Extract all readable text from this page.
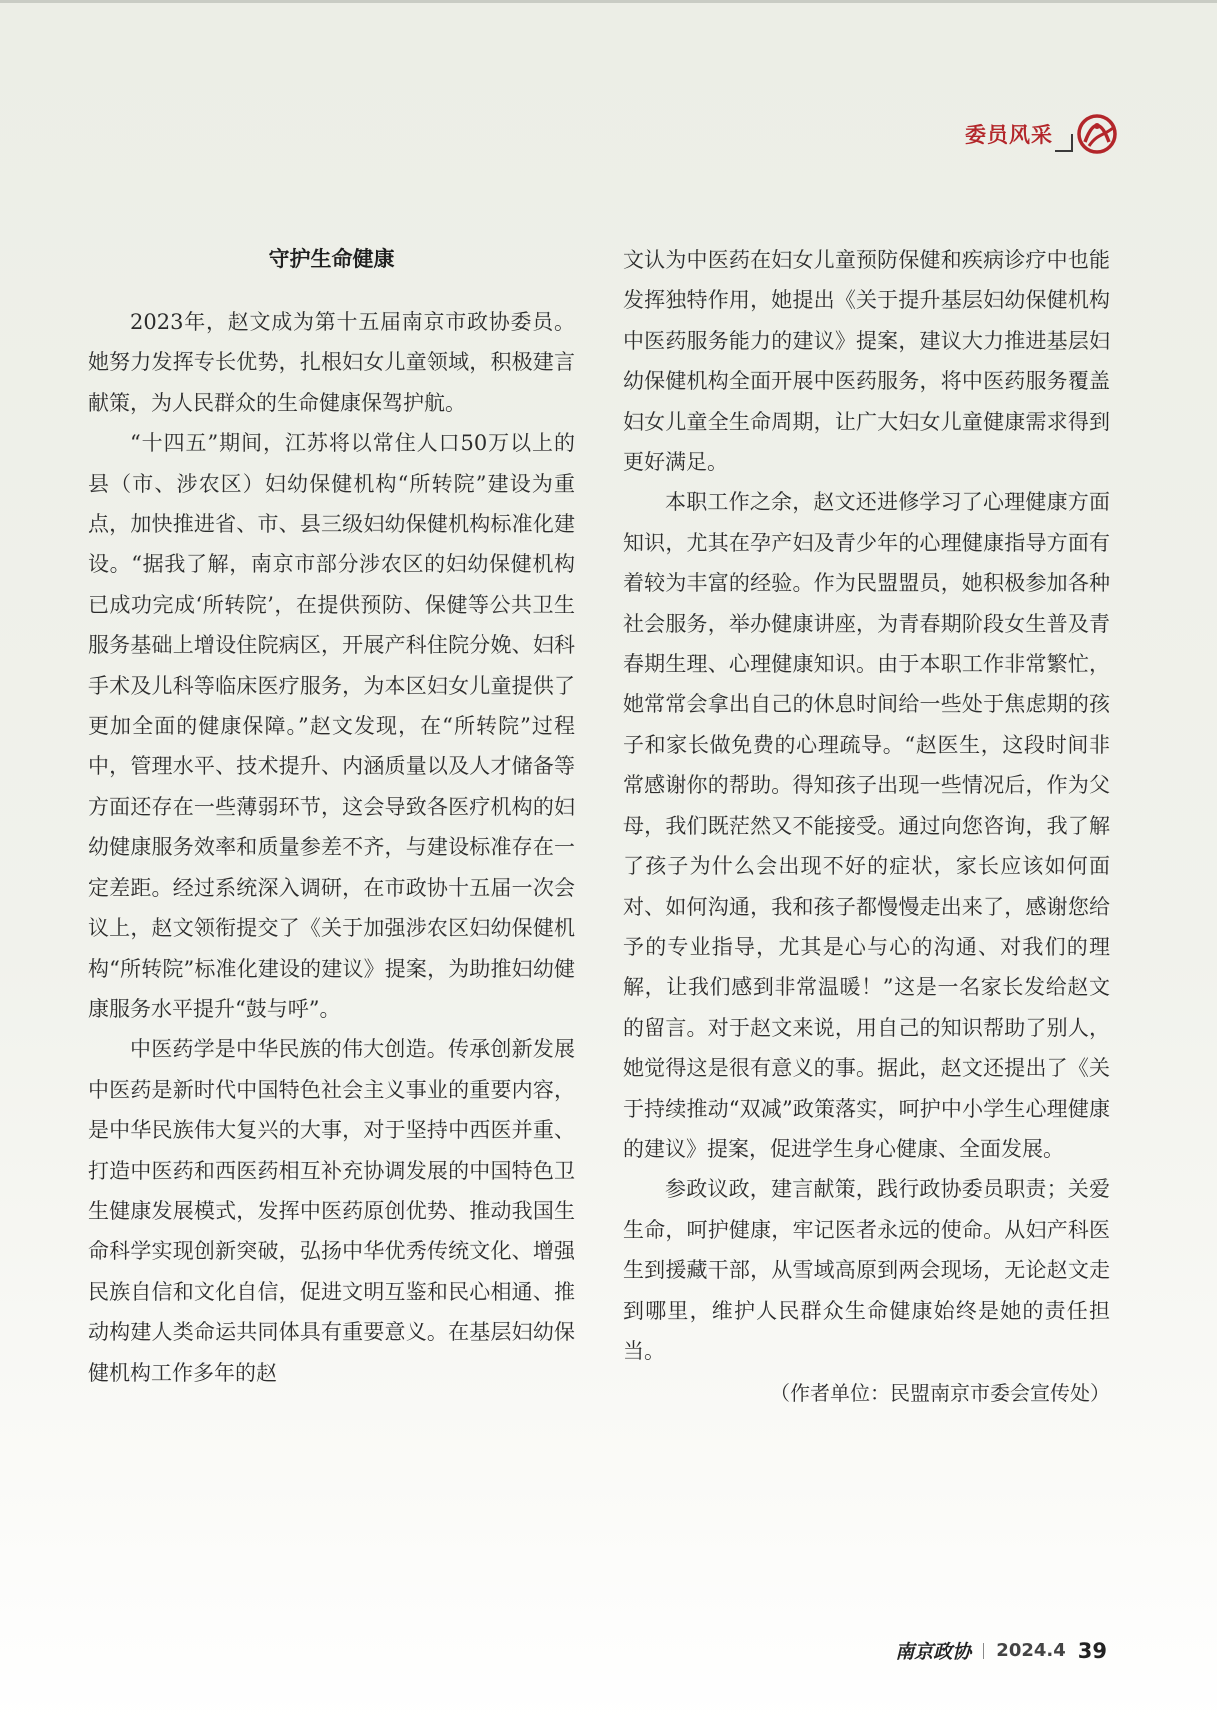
委员风采
守护生命健康

2023年，赵文成为第十五届南京市政协委员。她努力发挥专长优势，扎根妇女儿童领域，积极建言献策，为人民群众的生命健康保驾护航。

“十四五”期间，江苏将以常住人口50万以上的县（市、涉农区）妇幼保健机构“所转院”建设为重点，加快推进省、市、县三级妇幼保健机构标准化建设。“据我了解，南京市部分涉农区的妇幼保健机构已成功完成‘所转院’，在提供预防、保健等公共卫生服务基础上增设住院病区，开展产科住院分娩、妇科手术及儿科等临床医疗服务，为本区妇女儿童提供了更加全面的健康保障。”赵文发现，在“所转院”过程中，管理水平、技术提升、内涵质量以及人才储备等方面还存在一些薄弱环节，这会导致各医疗机构的妇幼健康服务效率和质量参差不齐，与建设标准存在一定差距。经过系统深入调研，在市政协十五届一次会议上，赵文领衔提交了《关于加强涉农区妇幼保健机构“所转院”标准化建设的建议》提案，为助推妇幼健康服务水平提升“鼓与呼”。

中医药学是中华民族的伟大创造。传承创新发展中医药是新时代中国特色社会主义事业的重要内容，是中华民族伟大复兴的大事，对于坚持中西医并重、打造中医药和西医药相互补充协调发展的中国特色卫生健康发展模式，发挥中医药原创优势、推动我国生命科学实现创新突破，弘扬中华优秀传统文化、增强民族自信和文化自信，促进文明互鉴和民心相通、推动构建人类命运共同体具有重要意义。在基层妇幼保健机构工作多年的赵

文认为中医药在妇女儿童预防保健和疾病诊疗中也能发挥独特作用，她提出《关于提升基层妇幼保健机构中医药服务能力的建议》提案，建议大力推进基层妇幼保健机构全面开展中医药服务，将中医药服务覆盖妇女儿童全生命周期，让广大妇女儿童健康需求得到更好满足。

本职工作之余，赵文还进修学习了心理健康方面知识，尤其在孕产妇及青少年的心理健康指导方面有着较为丰富的经验。作为民盟盟员，她积极参加各种社会服务，举办健康讲座，为青春期阶段女生普及青春期生理、心理健康知识。由于本职工作非常繁忙，她常常会拿出自己的休息时间给一些处于焦虑期的孩子和家长做免费的心理疏导。“赵医生，这段时间非常感谢你的帮助。得知孩子出现一些情况后，作为父母，我们既茫然又不能接受。通过向您咨询，我了解了孩子为什么会出现不好的症状，家长应该如何面对、如何沟通，我和孩子都慢慢走出来了，感谢您给予的专业指导，尤其是心与心的沟通、对我们的理解，让我们感到非常温暖！”这是一名家长发给赵文的留言。对于赵文来说，用自己的知识帮助了别人，她觉得这是很有意义的事。据此，赵文还提出了《关于持续推动“双减”政策落实，呵护中小学生心理健康的建议》提案，促进学生身心健康、全面发展。

参政议政，建言献策，践行政协委员职责；关爱生命，呵护健康，牢记医者永远的使命。从妇产科医生到援藏干部，从雪域高原到两会现场，无论赵文走到哪里，维护人民群众生命健康始终是她的责任担当。

（作者单位：民盟南京市委会宣传处）

南京政协 2024.4 39
